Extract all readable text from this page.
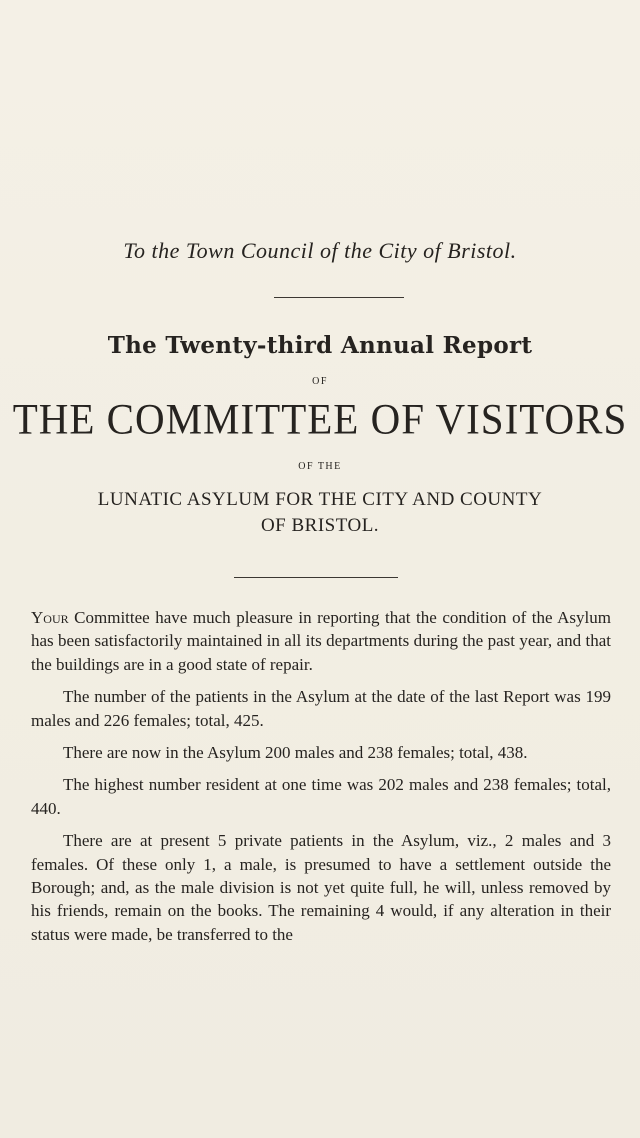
To the Town Council of the City of Bristol.
The Twenty-third Annual Report
OF
THE COMMITTEE OF VISITORS
OF THE
LUNATIC ASYLUM FOR THE CITY AND COUNTY
OF BRISTOL.

Your Committee have much pleasure in reporting that the condition of the Asylum has been satisfactorily maintained in all its departments during the past year, and that the buildings are in a good state of repair.

The number of the patients in the Asylum at the date of the last Report was 199 males and 226 females; total, 425.

There are now in the Asylum 200 males and 238 females; total, 438.

The highest number resident at one time was 202 males and 238 females; total, 440.

There are at present 5 private patients in the Asylum, viz., 2 males and 3 females. Of these only 1, a male, is presumed to have a settlement outside the Borough; and, as the male division is not yet quite full, he will, unless removed by his friends, remain on the books. The remaining 4 would, if any alteration in their status were made, be transferred to the
